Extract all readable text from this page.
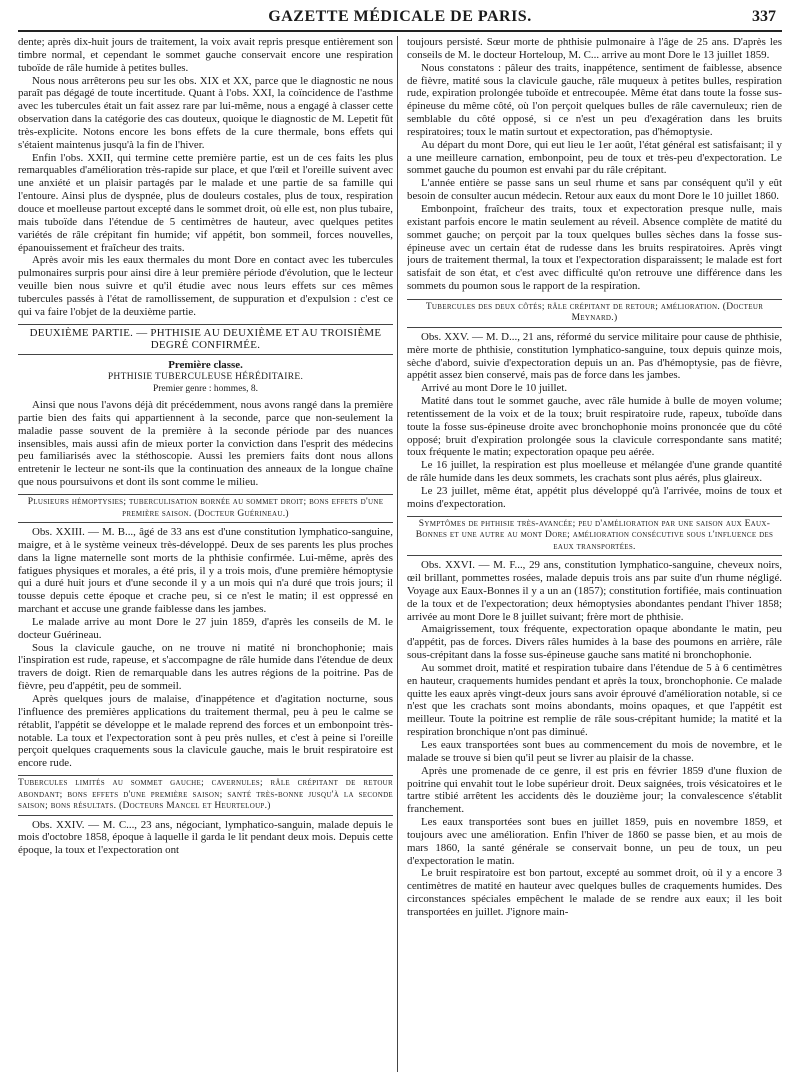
GAZETTE MÉDICALE DE PARIS.	337

dente; après dix-huit jours de traitement, la voix avait repris presque entièrement son timbre normal, et cependant le sommet gauche conservait encore une respiration tuboïde de râle humide à petites bulles.

Nous nous arrêterons peu sur les obs. XIX et XX, parce que le diagnostic ne nous paraît pas dégagé de toute incertitude. Quant à l'obs. XXI, la coïncidence de l'asthme avec les tubercules était un fait assez rare par lui-même, nous a engagé à classer cette observation dans la catégorie des cas douteux, quoique le diagnostic de M. Lepetit fût très-explicite. Notons encore les bons effets de la cure thermale, bons effets qui s'étaient maintenus jusqu'à la fin de l'hiver.

Enfin l'obs. XXII, qui termine cette première partie, est un de ces faits les plus remarquables d'amélioration très-rapide sur place, et que l'œil et l'oreille suivent avec une anxiété et un plaisir partagés par le malade et une partie de sa famille qui l'entoure. Ainsi plus de dyspnée, plus de douleurs costales, plus de toux, respiration douce et moelleuse partout excepté dans le sommet droit, où elle est, non plus tubaire, mais tuboïde dans l'étendue de 5 centimètres de hauteur, avec quelques petites variétés de râle crépitant fin humide; vif appétit, bon sommeil, forces nouvelles, épanouissement et fraîcheur des traits.

Après avoir mis les eaux thermales du mont Dore en contact avec les tubercules pulmonaires surpris pour ainsi dire à leur première période d'évolution, que le lecteur veuille bien nous suivre et qu'il étudie avec nous leurs effets sur ces mêmes tubercules passés à l'état de ramollissement, de suppuration et d'expulsion : c'est ce qui va faire l'objet de la deuxième partie.

DEUXIÈME PARTIE. — PHTHISIE AU DEUXIÈME ET AU TROISIÈME DEGRÉ CONFIRMÉE.

Première classe.

PHTHISIE TUBERCULEUSE HÉRÉDITAIRE.

Premier genre : hommes, 8.

Ainsi que nous l'avons déjà dit précédemment, nous avons rangé dans la première partie bien des faits qui appartiennent à la seconde, parce que non-seulement la maladie passe souvent de la première à la seconde période par des nuances insensibles, mais aussi afin de mieux porter la conviction dans l'esprit des médecins peu familiarisés avec la stéthoscopie. Aussi les premiers faits dont nous allons entretenir le lecteur ne sont-ils que la continuation des anneaux de la longue chaîne que nous poursuivons et dont ils sont comme le milieu.

Plusieurs hémoptysies; tuberculisation bornée au sommet droit; bons effets d'une première saison. (Docteur Guérineau.)

Obs. XXIII. — M. B..., âgé de 33 ans est d'une constitution lymphatico-sanguine, maigre, et à le système veineux très-développé. Deux de ses parents les plus proches dans la ligne maternelle sont morts de la phthisie confirmée. Lui-même, après des fatigues physiques et morales, a été pris, il y a trois mois, d'une première hémoptysie qui a duré huit jours et d'une seconde il y a un mois qui n'a duré que trois jours; il tousse depuis cette époque et crache peu, si ce n'est le matin; il est oppressé en marchant et accuse une grande faiblesse dans les jambes.

Le malade arrive au mont Dore le 27 juin 1859, d'après les conseils de M. le docteur Guérineau.

Sous la clavicule gauche, on ne trouve ni matité ni bronchophonie; mais l'inspiration est rude, rapeuse, et s'accompagne de râle humide dans l'étendue de deux travers de doigt. Rien de remarquable dans les autres régions de la poitrine. Pas de fièvre, peu d'appétit, peu de sommeil.

Après quelques jours de malaise, d'inappétence et d'agitation nocturne, sous l'influence des premières applications du traitement thermal, peu à peu le calme se rétablit, l'appétit se développe et le malade reprend des forces et un embonpoint très-notable. La toux et l'expectoration sont à peu près nulles, et c'est à peine si l'oreille perçoit quelques craquements sous la clavicule gauche, mais le bruit respiratoire est encore rude.

Tubercules limités au sommet gauche; cavernules; râle crépitant de retour abondant; bons effets d'une première saison; santé très-bonne jusqu'à la seconde saison; bons résultats. (Docteurs Mancel et Heurteloup.)

Obs. XXIV. — M. C..., 23 ans, négociant, lymphatico-sanguin, malade depuis le mois d'octobre 1858, époque à laquelle il garda le lit pendant deux mois. Depuis cette époque, la toux et l'expectoration ont

toujours persisté. Sœur morte de phthisie pulmonaire à l'âge de 25 ans. D'après les conseils de M. le docteur Horteloup, M. C... arrive au mont Dore le 13 juillet 1859.

Nous constatons : pâleur des traits, inappétence, sentiment de faiblesse, absence de fièvre, matité sous la clavicule gauche, râle muqueux à petites bulles, respiration rude, expiration prolongée tuboïde et entrecoupée. Même état dans toute la fosse sus-épineuse du même côté, où l'on perçoit quelques bulles de râle cavernuleux; rien de semblable du côté opposé, si ce n'est un peu d'exagération dans les bruits respiratoires; toux le matin surtout et expectoration, pas d'hémoptysie.

Au départ du mont Dore, qui eut lieu le 1er août, l'état général est satisfaisant; il y a une meilleure carnation, embonpoint, peu de toux et très-peu d'expectoration. Le sommet gauche du poumon est envahi par du râle crépitant.

L'année entière se passe sans un seul rhume et sans par conséquent qu'il y eût besoin de consulter aucun médecin. Retour aux eaux du mont Dore le 10 juillet 1860.

Embonpoint, fraîcheur des traits, toux et expectoration presque nulle, mais existant parfois encore le matin seulement au réveil. Absence complète de matité du sommet gauche; on perçoit par la toux quelques bulles sèches dans la fosse sus-épineuse avec un certain état de rudesse dans les bruits respiratoires. Après vingt jours de traitement thermal, la toux et l'expectoration disparaissent; le malade est fort satisfait de son état, et c'est avec difficulté qu'on retrouve une différence dans les sommets du poumon sous le rapport de la respiration.

Tubercules des deux côtés; râle crépitant de retour; amélioration. (Docteur Meynard.)

Obs. XXV. — M. D..., 21 ans, réformé du service militaire pour cause de phthisie, mère morte de phthisie, constitution lymphatico-sanguine, toux depuis quinze mois, sèche d'abord, suivie d'expectoration depuis un an. Pas d'hémoptysie, pas de fièvre, appétit assez bien conservé, mais pas de force dans les jambes.

Arrivé au mont Dore le 10 juillet.

Matité dans tout le sommet gauche, avec râle humide à bulle de moyen volume; retentissement de la voix et de la toux; bruit respiratoire rude, rapeux, tuboïde dans toute la fosse sus-épineuse droite avec bronchophonie moins prononcée que du côté opposé; bruit d'expiration prolongée sous la clavicule correspondante sans matité; toux fréquente le matin; expectoration opaque peu aérée.

Le 16 juillet, la respiration est plus moelleuse et mélangée d'une grande quantité de râle humide dans les deux sommets, les crachats sont plus aérés, plus glaireux.

Le 23 juillet, même état, appétit plus développé qu'à l'arrivée, moins de toux et moins d'expectoration.

Symptômes de phthisie très-avancée; peu d'amélioration par une saison aux Eaux-Bonnes et une autre au mont Dore; amélioration consécutive sous l'influence des eaux transportées.

Obs. XXVI. — M. F..., 29 ans, constitution lymphatico-sanguine, cheveux noirs, œil brillant, pommettes rosées, malade depuis trois ans par suite d'un rhume négligé. Voyage aux Eaux-Bonnes il y a un an (1857); constitution fortifiée, mais continuation de la toux et de l'expectoration; deux hémoptysies abondantes pendant l'hiver 1858; arrivée au mont Dore le 8 juillet suivant; frère mort de phthisie.

Amaigrissement, toux fréquente, expectoration opaque abondante le matin, peu d'appétit, pas de forces. Divers râles humides à la base des poumons en arrière, râle sous-crépitant dans la fosse sus-épineuse gauche sans matité ni bronchophonie.

Au sommet droit, matité et respiration tubaire dans l'étendue de 5 à 6 centimètres en hauteur, craquements humides pendant et après la toux, bronchophonie. Ce malade quitte les eaux après vingt-deux jours sans avoir éprouvé d'amélioration notable, si ce n'est que les crachats sont moins abondants, moins opaques, et que l'appétit est meilleur. Toute la poitrine est remplie de râle sous-crépitant humide; la matité et la respiration bronchique n'ont pas diminué.

Les eaux transportées sont bues au commencement du mois de novembre, et le malade se trouve si bien qu'il peut se livrer au plaisir de la chasse.

Après une promenade de ce genre, il est pris en février 1859 d'une fluxion de poitrine qui envahit tout le lobe supérieur droit. Deux saignées, trois vésicatoires et le tartre stibié arrêtent les accidents dès le douzième jour; la convalescence s'établit franchement.

Les eaux transportées sont bues en juillet 1859, puis en novembre 1859, et toujours avec une amélioration. Enfin l'hiver de 1860 se passe bien, et au mois de mars 1860, la santé générale se conservait bonne, un peu de toux, un peu d'expectoration le matin.

Le bruit respiratoire est bon partout, excepté au sommet droit, où il y a encore 3 centimètres de matité en hauteur avec quelques bulles de craquements humides. Des circonstances spéciales empêchent le malade de se rendre aux eaux; il les boit transportées en juillet. J'ignore main-
